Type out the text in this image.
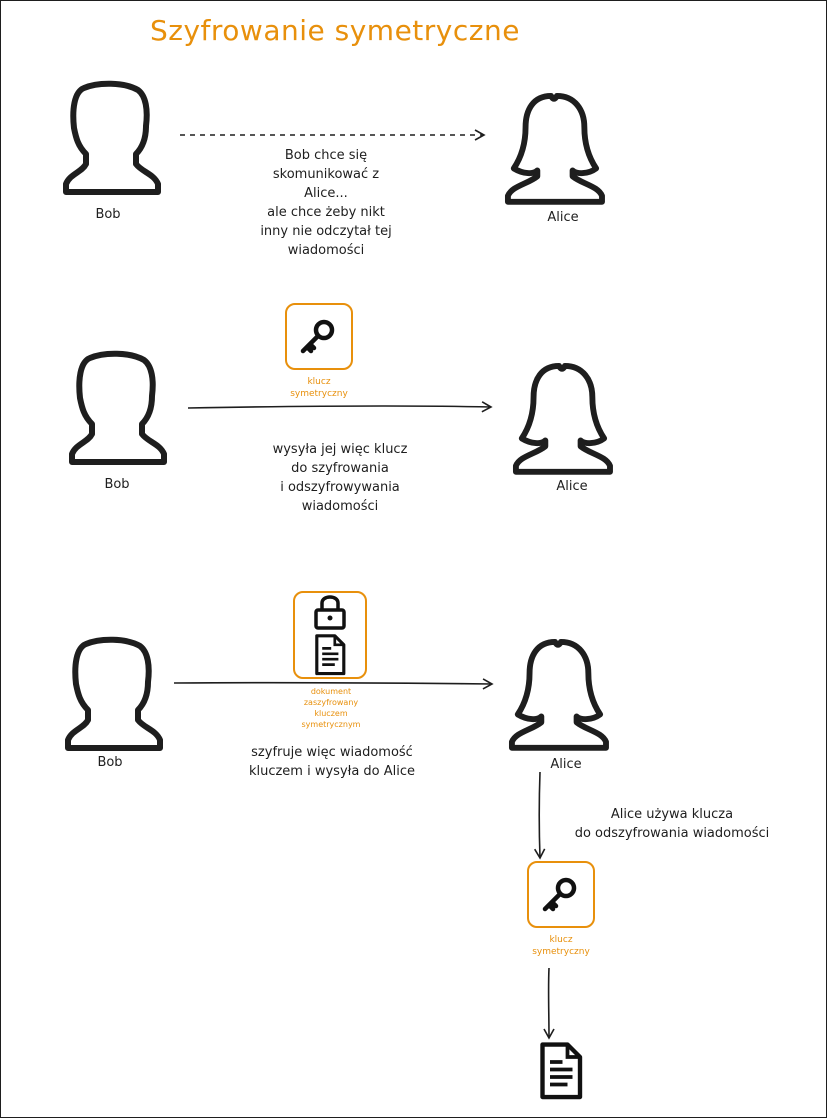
Szyfrowanie symetryczne
Bob	Alice
Bob chce się
skomunikować z
Alice...
ale chce żeby nikt
inny nie odczytał tej
wiadomości
Bob	Alice
klucz
symetryczny
wysyła jej więc klucz
do szyfrowania
i odszyfrowywania
wiadomości
Bob	Alice
dokument
zaszyfrowany
kluczem
symetrycznym
szyfruje więc wiadomość
kluczem i wysyła do Alice
Alice używa klucza
do odszyfrowania wiadomości
klucz
symetryczny
